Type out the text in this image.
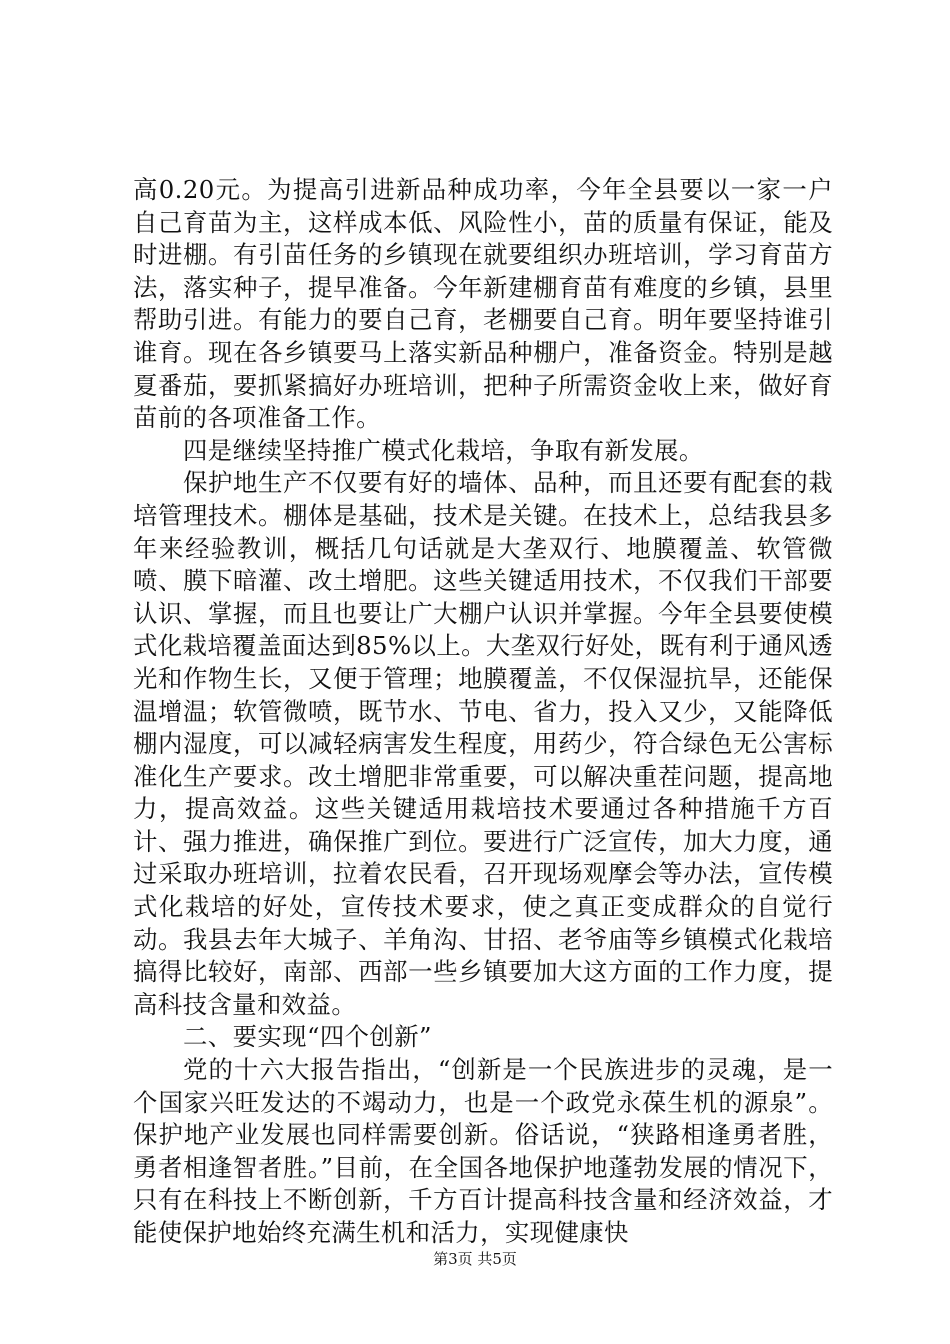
高0.20元。为提高引进新品种成功率，今年全县要以一家一户自己育苗为主，这样成本低、风险性小，苗的质量有保证，能及时进棚。有引苗任务的乡镇现在就要组织办班培训，学习育苗方法，落实种子，提早准备。今年新建棚育苗有难度的乡镇，县里帮助引进。有能力的要自己育，老棚要自己育。明年要坚持谁引谁育。现在各乡镇要马上落实新品种棚户，准备资金。特别是越夏番茄，要抓紧搞好办班培训，把种子所需资金收上来，做好育苗前的各项准备工作。

四是继续坚持推广模式化栽培，争取有新发展。

保护地生产不仅要有好的墙体、品种，而且还要有配套的栽培管理技术。棚体是基础，技术是关键。在技术上，总结我县多年来经验教训，概括几句话就是大垄双行、地膜覆盖、软管微喷、膜下暗灌、改土增肥。这些关键适用技术，不仅我们干部要认识、掌握，而且也要让广大棚户认识并掌握。今年全县要使模式化栽培覆盖面达到85%以上。大垄双行好处，既有利于通风透光和作物生长，又便于管理；地膜覆盖，不仅保湿抗旱，还能保温增温；软管微喷，既节水、节电、省力，投入又少，又能降低棚内湿度，可以减轻病害发生程度，用药少，符合绿色无公害标准化生产要求。改土增肥非常重要，可以解决重茬问题，提高地力，提高效益。这些关键适用栽培技术要通过各种措施千方百计、强力推进，确保推广到位。要进行广泛宣传，加大力度，通过采取办班培训，拉着农民看，召开现场观摩会等办法，宣传模式化栽培的好处，宣传技术要求，使之真正变成群众的自觉行动。我县去年大城子、羊角沟、甘招、老爷庙等乡镇模式化栽培搞得比较好，南部、西部一些乡镇要加大这方面的工作力度，提高科技含量和效益。

二、要实现“四个创新”

党的十六大报告指出，“创新是一个民族进步的灵魂，是一个国家兴旺发达的不竭动力，也是一个政党永葆生机的源泉”。保护地产业发展也同样需要创新。俗话说，“狭路相逢勇者胜，勇者相逢智者胜。”目前，在全国各地保护地蓬勃发展的情况下，只有在科技上不断创新，千方百计提高科技含量和经济效益，才能使保护地始终充满生机和活力，实现健康快

第3页 共5页
